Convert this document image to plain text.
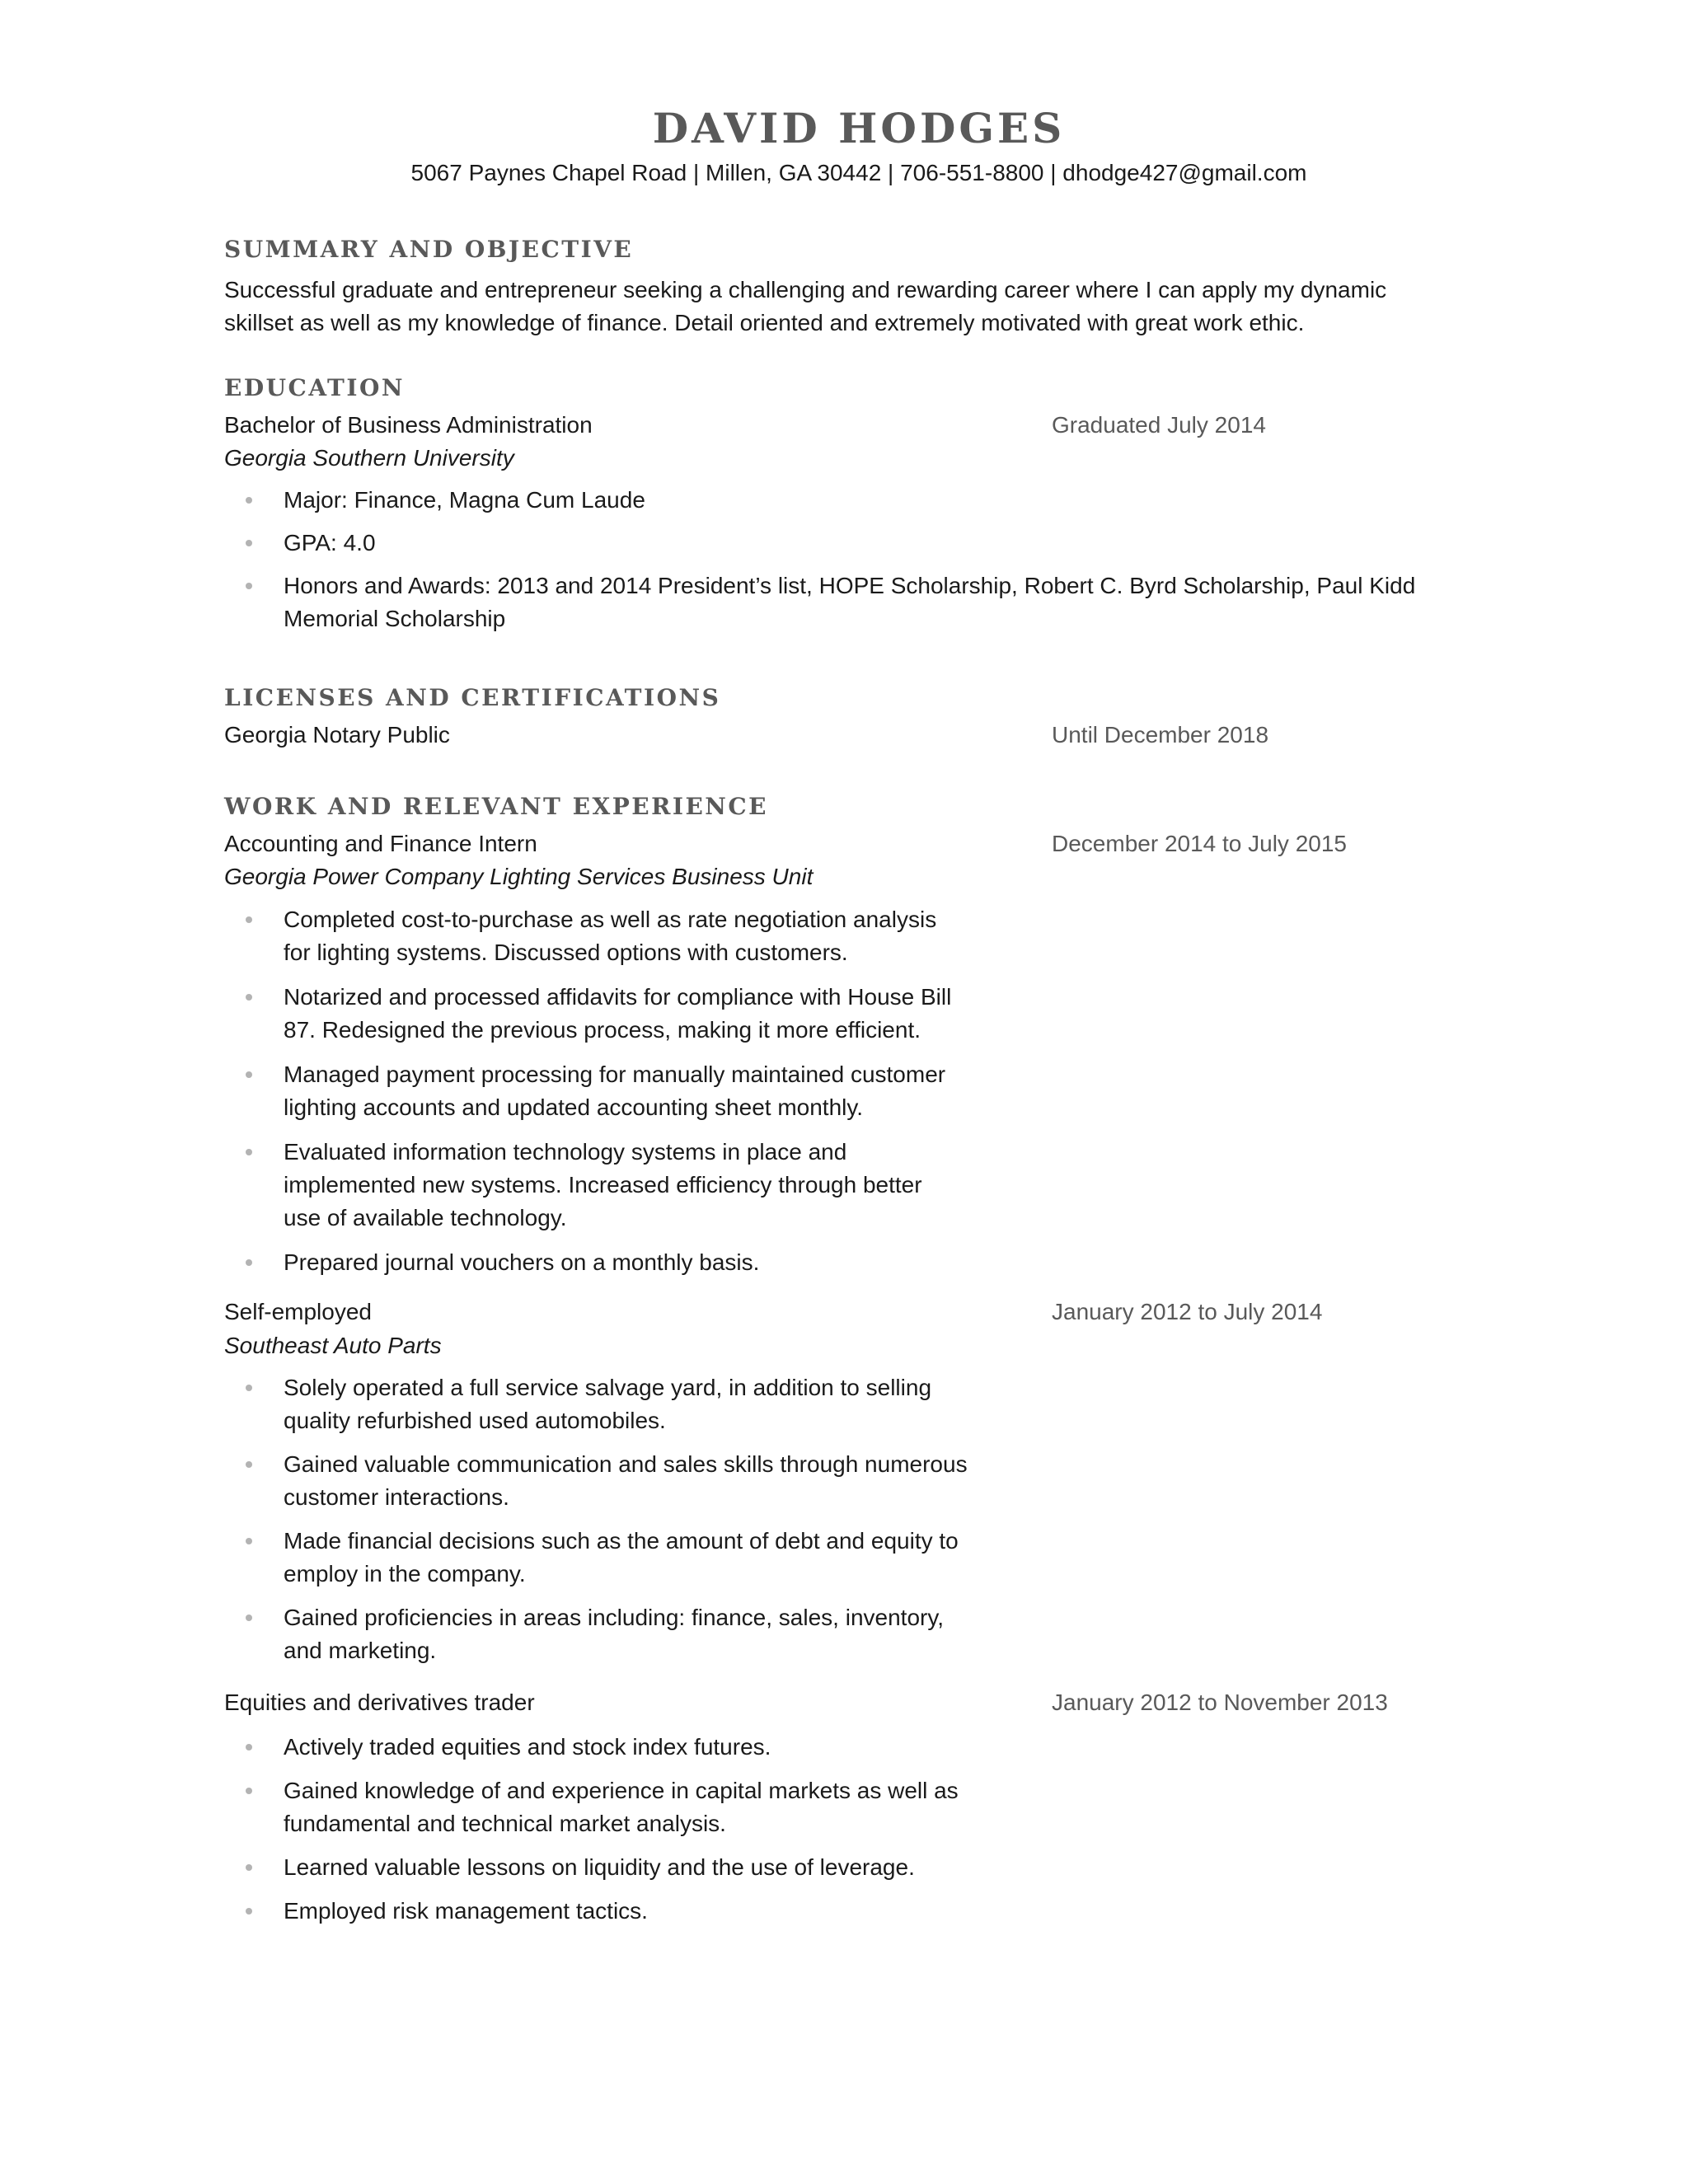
DAVID HODGES
5067 Paynes Chapel Road | Millen, GA 30442 | 706-551-8800 | dhodge427@gmail.com
SUMMARY AND OBJECTIVE
Successful graduate and entrepreneur seeking a challenging and rewarding career where I can apply my dynamic
skillset as well as my knowledge of finance. Detail oriented and extremely motivated with great work ethic.
EDUCATION
Bachelor of Business Administration	Graduated July 2014
Georgia Southern University
Major: Finance, Magna Cum Laude
GPA: 4.0
Honors and Awards: 2013 and 2014 President’s list, HOPE Scholarship, Robert C. Byrd Scholarship, Paul Kidd
Memorial Scholarship
LICENSES AND CERTIFICATIONS
Georgia Notary Public	Until December 2018
WORK AND RELEVANT EXPERIENCE
Accounting and Finance Intern	December 2014 to July 2015
Georgia Power Company Lighting Services Business Unit
Completed cost-to-purchase as well as rate negotiation analysis
for lighting systems. Discussed options with customers.
Notarized and processed affidavits for compliance with House Bill
87. Redesigned the previous process, making it more efficient.
Managed payment processing for manually maintained customer
lighting accounts and updated accounting sheet monthly.
Evaluated information technology systems in place and
implemented new systems. Increased efficiency through better
use of available technology.
Prepared journal vouchers on a monthly basis.
Self-employed	January 2012 to July 2014
Southeast Auto Parts
Solely operated a full service salvage yard, in addition to selling
quality refurbished used automobiles.
Gained valuable communication and sales skills through numerous
customer interactions.
Made financial decisions such as the amount of debt and equity to
employ in the company.
Gained proficiencies in areas including: finance, sales, inventory,
and marketing.
Equities and derivatives trader	January 2012 to November 2013
Actively traded equities and stock index futures.
Gained knowledge of and experience in capital markets as well as
fundamental and technical market analysis.
Learned valuable lessons on liquidity and the use of leverage.
Employed risk management tactics.
